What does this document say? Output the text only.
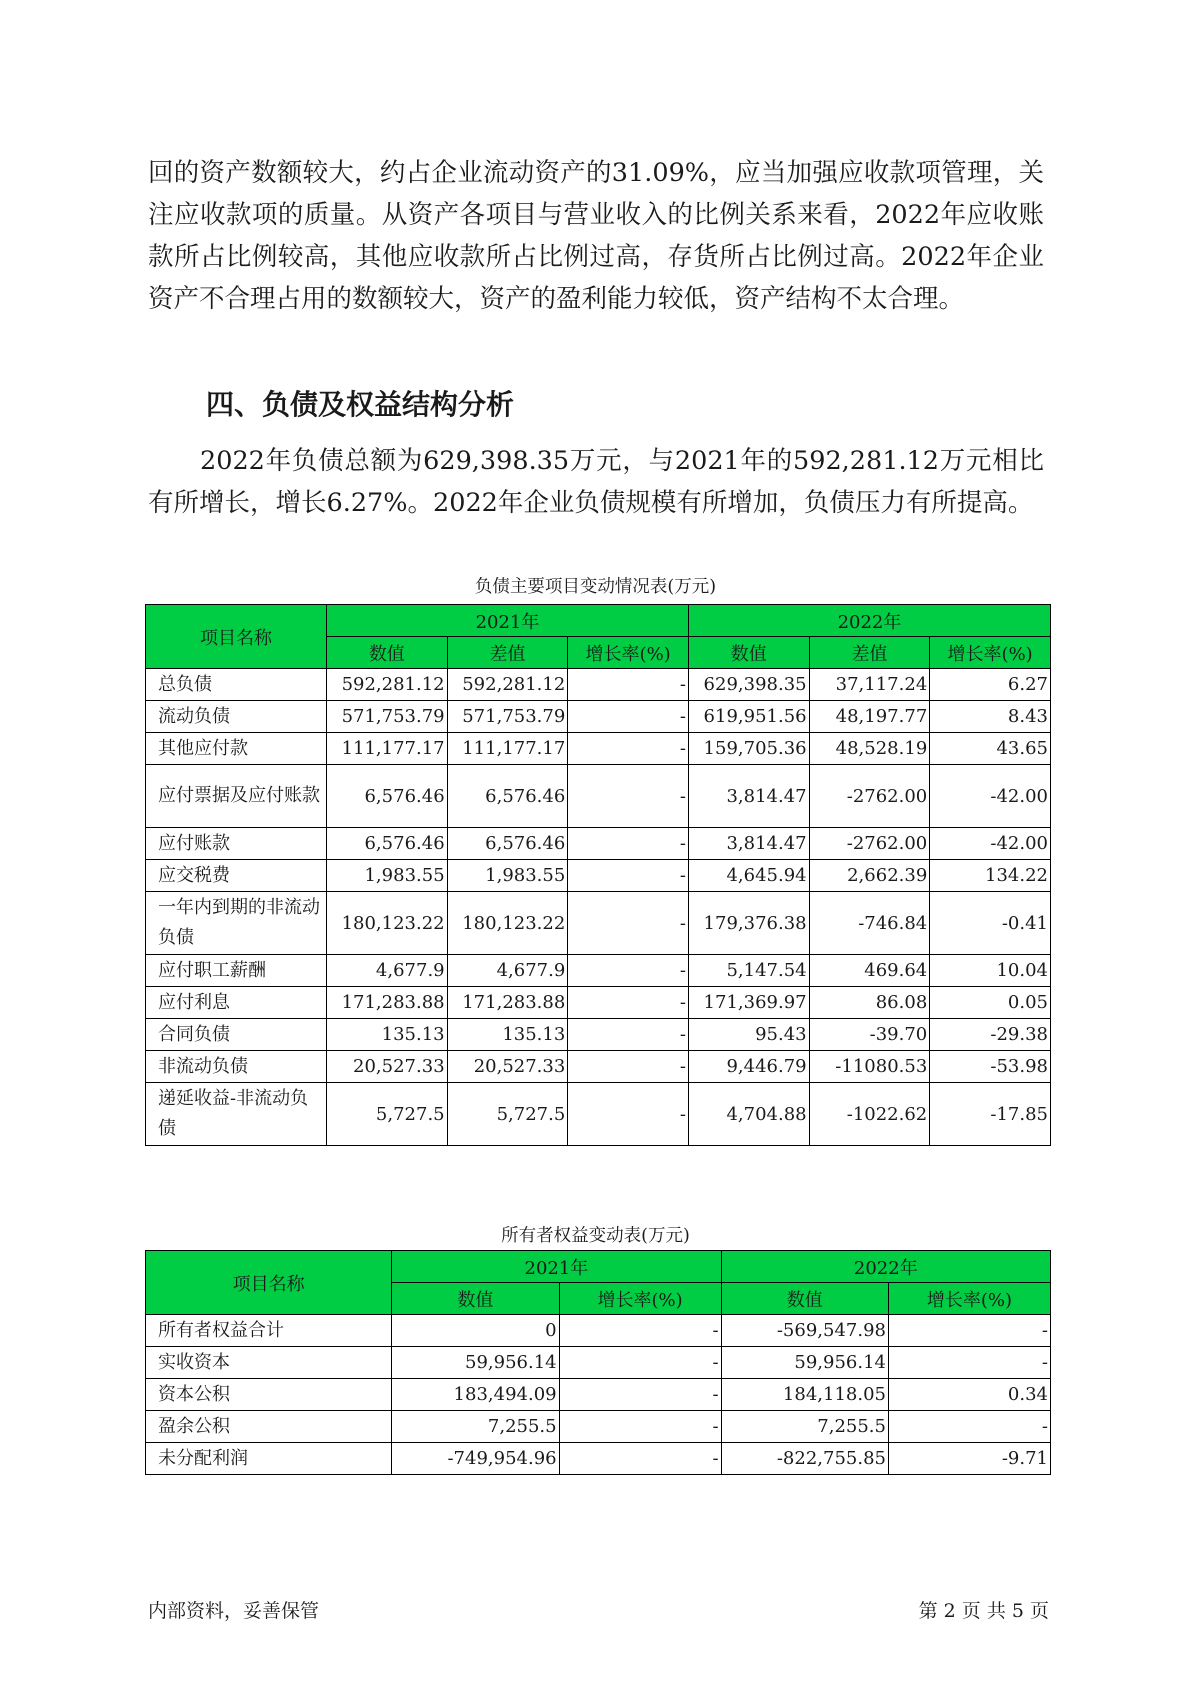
回的资产数额较大，约占企业流动资产的31.09%，应当加强应收款项管理，关注应收款项的质量。从资产各项目与营业收入的比例关系来看，2022年应收账款所占比例较高，其他应收款所占比例过高，存货所占比例过高。2022年企业资产不合理占用的数额较大，资产的盈利能力较低，资产结构不太合理。

四、负债及权益结构分析

2022年负债总额为629,398.35万元，与2021年的592,281.12万元相比有所增长，增长6.27%。2022年企业负债规模有所增加，负债压力有所提高。

负债主要项目变动情况表(万元)
项目名称	2021年			2022年		
	数值	差值	增长率(%)	数值	差值	增长率(%)
总负债	592,281.12	592,281.12	-	629,398.35	37,117.24	6.27
流动负债	571,753.79	571,753.79	-	619,951.56	48,197.77	8.43
其他应付款	111,177.17	111,177.17	-	159,705.36	48,528.19	43.65
应付票据及应付账款	6,576.46	6,576.46	-	3,814.47	-2762.00	-42.00
应付账款	6,576.46	6,576.46	-	3,814.47	-2762.00	-42.00
应交税费	1,983.55	1,983.55	-	4,645.94	2,662.39	134.22
一年内到期的非流动负债	180,123.22	180,123.22	-	179,376.38	-746.84	-0.41
应付职工薪酬	4,677.9	4,677.9	-	5,147.54	469.64	10.04
应付利息	171,283.88	171,283.88	-	171,369.97	86.08	0.05
合同负债	135.13	135.13	-	95.43	-39.70	-29.38
非流动负债	20,527.33	20,527.33	-	9,446.79	-11080.53	-53.98
递延收益-非流动负债	5,727.5	5,727.5	-	4,704.88	-1022.62	-17.85
所有者权益变动表(万元)
项目名称	2021年		2022年	
	数值	增长率(%)	数值	增长率(%)
所有者权益合计	0	-	-569,547.98	-
实收资本	59,956.14	-	59,956.14	-
资本公积	183,494.09	-	184,118.05	0.34
盈余公积	7,255.5	-	7,255.5	-
未分配利润	-749,954.96	-	-822,755.85	-9.71
内部资料，妥善保管	第 2 页 共 5 页
